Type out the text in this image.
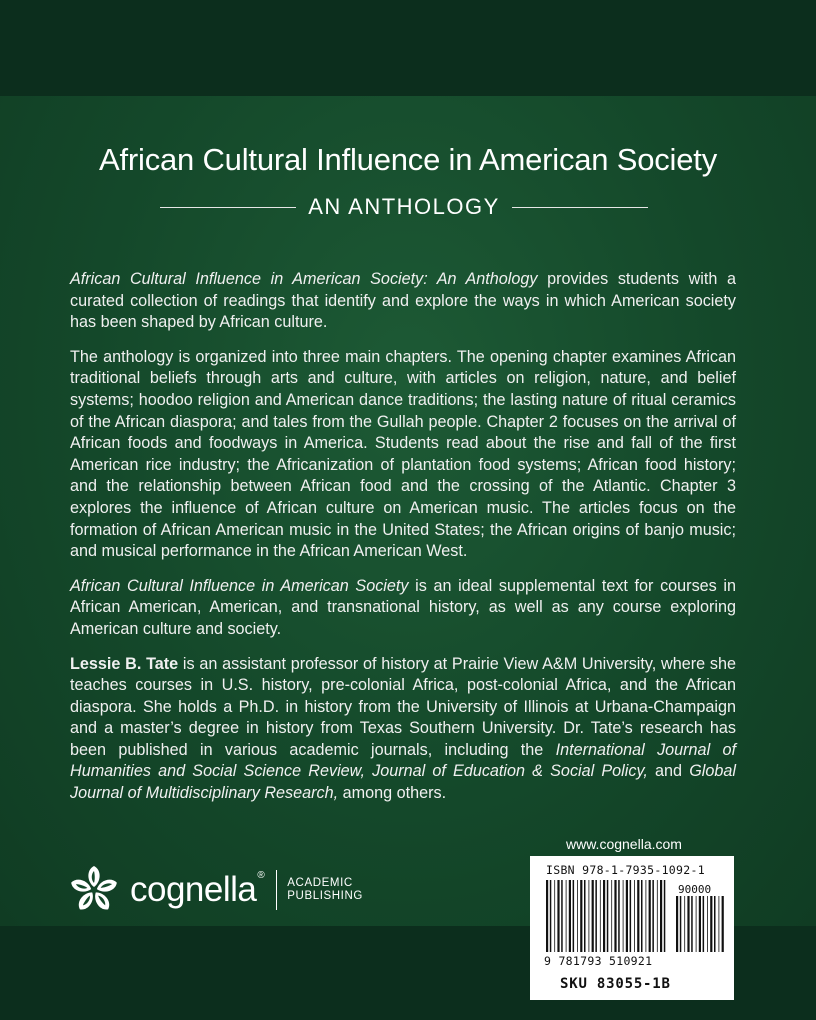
African Cultural Influence in American Society
AN ANTHOLOGY

African Cultural Influence in American Society: An Anthology provides students with a curated collection of readings that identify and explore the ways in which American society has been shaped by African culture.

The anthology is organized into three main chapters. The opening chapter examines African traditional beliefs through arts and culture, with articles on religion, nature, and belief systems; hoodoo religion and American dance traditions; the lasting nature of ritual ceramics of the African diaspora; and tales from the Gullah people. Chapter 2 focuses on the arrival of African foods and foodways in America. Students read about the rise and fall of the first American rice industry; the Africanization of plantation food systems; African food history; and the relationship between African food and the crossing of the Atlantic. Chapter 3 explores the influence of African culture on American music. The articles focus on the formation of African American music in the United States; the African origins of banjo music; and musical performance in the African American West.

African Cultural Influence in American Society is an ideal supplemental text for courses in African American, American, and transnational history, as well as any course exploring American culture and society.

Lessie B. Tate is an assistant professor of history at Prairie View A&M University, where she teaches courses in U.S. history, pre-colonial Africa, post-colonial Africa, and the African diaspora. She holds a Ph.D. in history from the University of Illinois at Urbana-Champaign and a master’s degree in history from Texas Southern University. Dr. Tate’s research has been published in various academic journals, including the International Journal of Humanities and Social Science Review, Journal of Education & Social Policy, and Global Journal of Multidisciplinary Research, among others.

www.cognella.com
cognella®
ACADEMIC
PUBLISHING
ISBN 978-1-7935-1092-1
90000
9 781793 510921
SKU 83055-1B
